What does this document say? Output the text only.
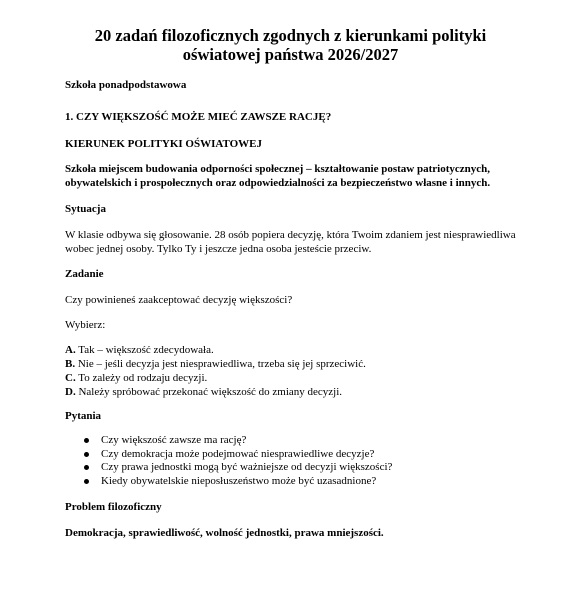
20 zadań filozoficznych zgodnych z kierunkami polityki
oświatowej państwa 2026/2027

Szkoła ponadpodstawowa

1. CZY WIĘKSZOŚĆ MOŻE MIEĆ ZAWSZE RACJĘ?

KIERUNEK POLITYKI OŚWIATOWEJ

Szkoła miejscem budowania odporności społecznej – kształtowanie postaw patriotycznych,
obywatelskich i prospołecznych oraz odpowiedzialności za bezpieczeństwo własne i innych.

Sytuacja

W klasie odbywa się głosowanie. 28 osób popiera decyzję, która Twoim zdaniem jest niesprawiedliwa
wobec jednej osoby. Tylko Ty i jeszcze jedna osoba jesteście przeciw.

Zadanie

Czy powinieneś zaakceptować decyzję większości?

Wybierz:

A. Tak – większość zdecydowała.
B. Nie – jeśli decyzja jest niesprawiedliwa, trzeba się jej sprzeciwić.
C. To zależy od rodzaju decyzji.
D. Należy spróbować przekonać większość do zmiany decyzji.

Pytania

Czy większość zawsze ma rację?
Czy demokracja może podejmować niesprawiedliwe decyzje?
Czy prawa jednostki mogą być ważniejsze od decyzji większości?
Kiedy obywatelskie nieposłuszeństwo może być uzasadnione?

Problem filozoficzny

Demokracja, sprawiedliwość, wolność jednostki, prawa mniejszości.
